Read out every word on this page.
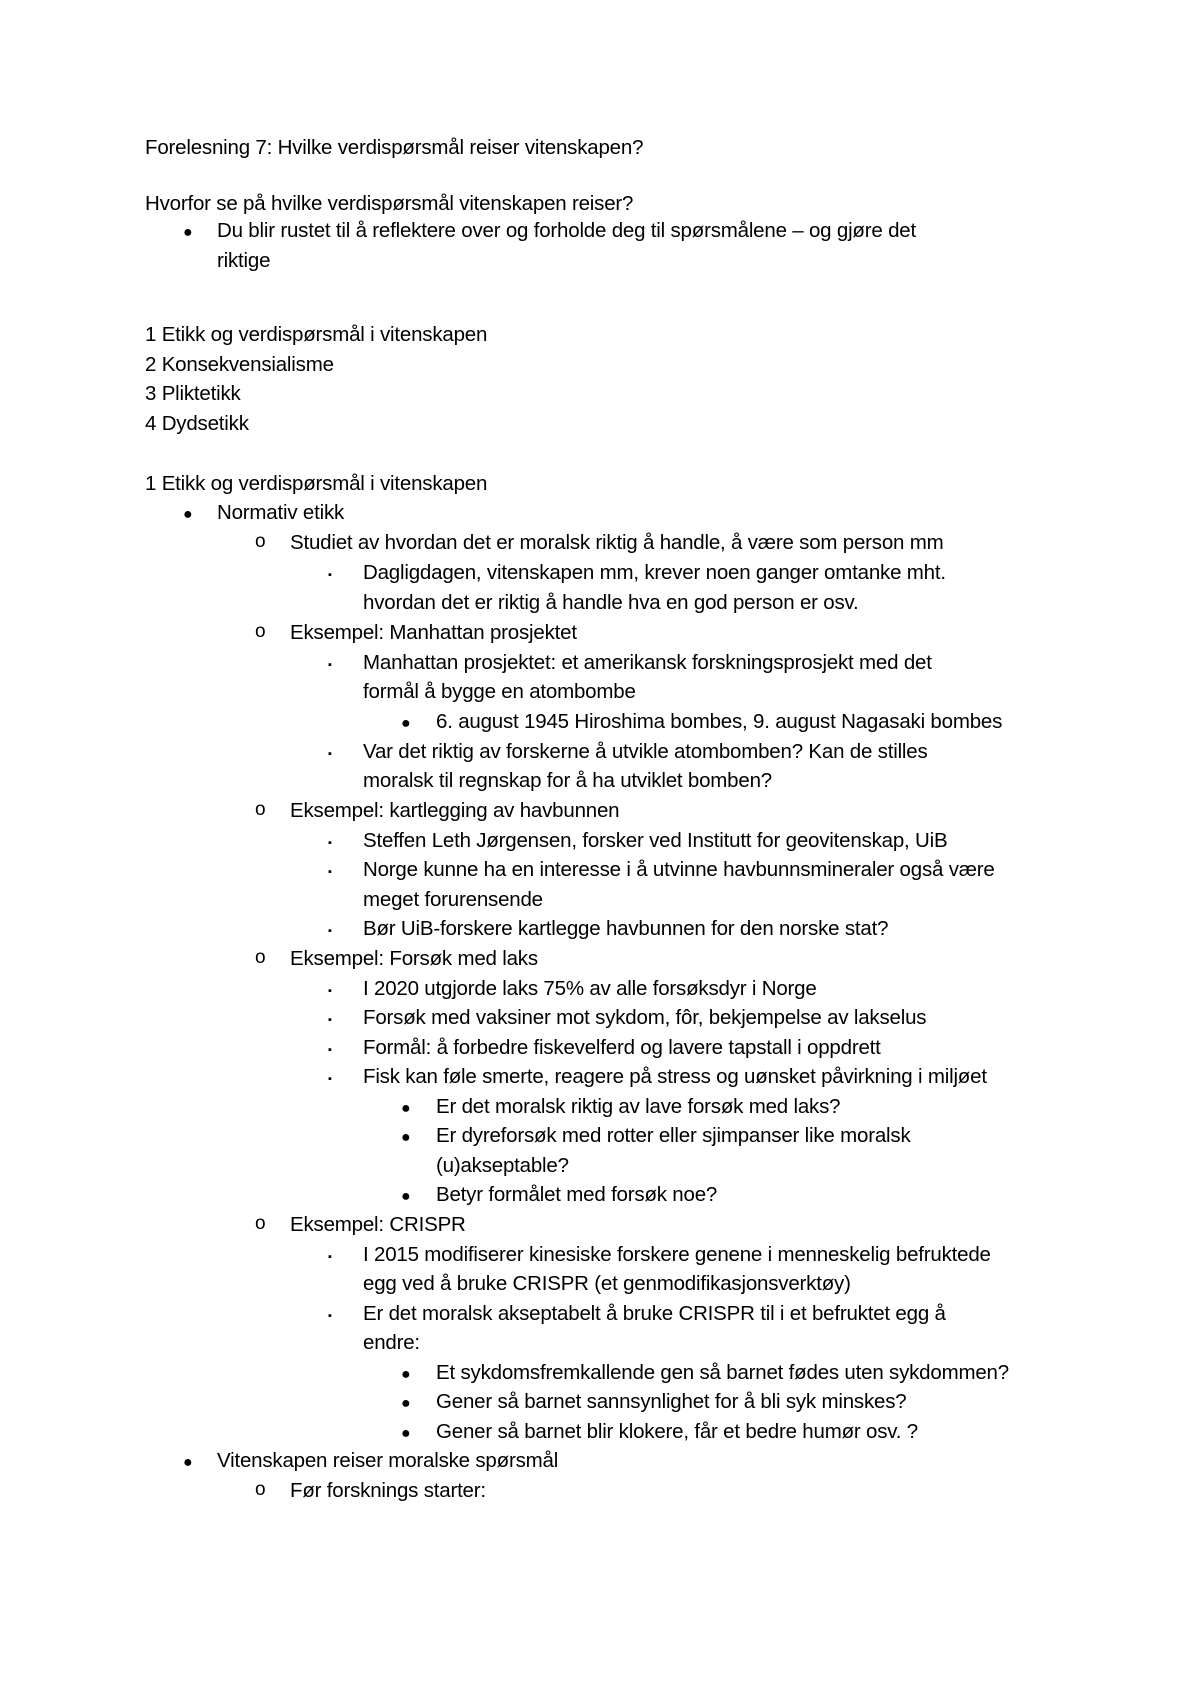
Forelesning 7: Hvilke verdispørsmål reiser vitenskapen?
Hvorfor se på hvilke verdispørsmål vitenskapen reiser?
● Du blir rustet til å reflektere over og forholde deg til spørsmålene – og gjøre det
riktige
1 Etikk og verdispørsmål i vitenskapen
2 Konsekvensialisme
3 Pliktetikk
4 Dydsetikk
1 Etikk og verdispørsmål i vitenskapen
● Normativ etikk
o Studiet av hvordan det er moralsk riktig å handle, å være som person mm
▪ Dagligdagen, vitenskapen mm, krever noen ganger omtanke mht.
hvordan det er riktig å handle hva en god person er osv.
o Eksempel: Manhattan prosjektet
▪ Manhattan prosjektet: et amerikansk forskningsprosjekt med det
formål å bygge en atombombe
● 6. august 1945 Hiroshima bombes, 9. august Nagasaki bombes
▪ Var det riktig av forskerne å utvikle atombomben? Kan de stilles
moralsk til regnskap for å ha utviklet bomben?
o Eksempel: kartlegging av havbunnen
▪ Steffen Leth Jørgensen, forsker ved Institutt for geovitenskap, UiB
▪ Norge kunne ha en interesse i å utvinne havbunnsmineraler også være
meget forurensende
▪ Bør UiB-forskere kartlegge havbunnen for den norske stat?
o Eksempel: Forsøk med laks
▪ I 2020 utgjorde laks 75% av alle forsøksdyr i Norge
▪ Forsøk med vaksiner mot sykdom, fôr, bekjempelse av lakselus
▪ Formål: å forbedre fiskevelferd og lavere tapstall i oppdrett
▪ Fisk kan føle smerte, reagere på stress og uønsket påvirkning i miljøet
● Er det moralsk riktig av lave forsøk med laks?
● Er dyreforsøk med rotter eller sjimpanser like moralsk
(u)akseptable?
● Betyr formålet med forsøk noe?
o Eksempel: CRISPR
▪ I 2015 modifiserer kinesiske forskere genene i menneskelig befruktede
egg ved å bruke CRISPR (et genmodifikasjonsverktøy)
▪ Er det moralsk akseptabelt å bruke CRISPR til i et befruktet egg å
endre:
● Et sykdomsfremkallende gen så barnet fødes uten sykdommen?
● Gener så barnet sannsynlighet for å bli syk minskes?
● Gener så barnet blir klokere, får et bedre humør osv. ?
● Vitenskapen reiser moralske spørsmål
o Før forsknings starter:
